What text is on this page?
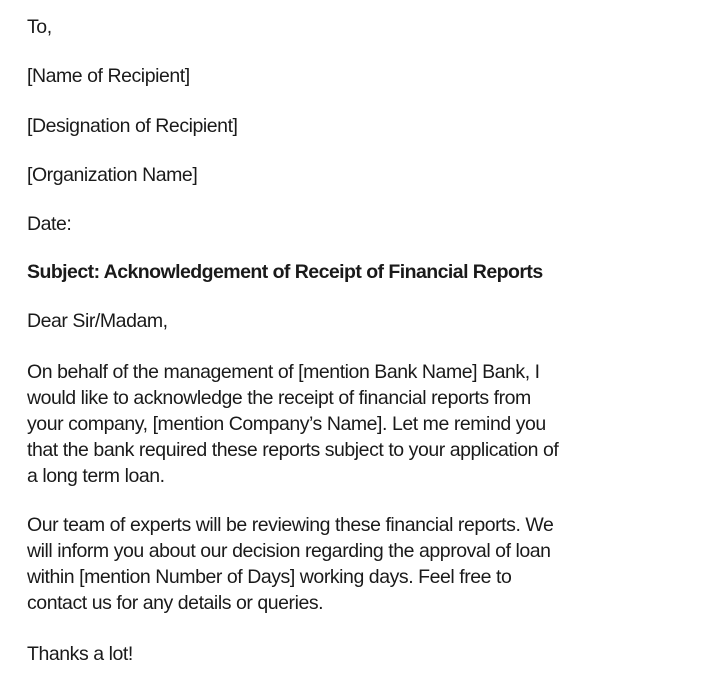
To,
[Name of Recipient]
[Designation of Recipient]
[Organization Name]
Date:
Subject: Acknowledgement of Receipt of Financial Reports
Dear Sir/Madam,
On behalf of the management of [mention Bank Name] Bank, I
would like to acknowledge the receipt of financial reports from
your company, [mention Company’s Name]. Let me remind you
that the bank required these reports subject to your application of
a long term loan.
Our team of experts will be reviewing these financial reports. We
will inform you about our decision regarding the approval of loan
within [mention Number of Days] working days. Feel free to
contact us for any details or queries.
Thanks a lot!
